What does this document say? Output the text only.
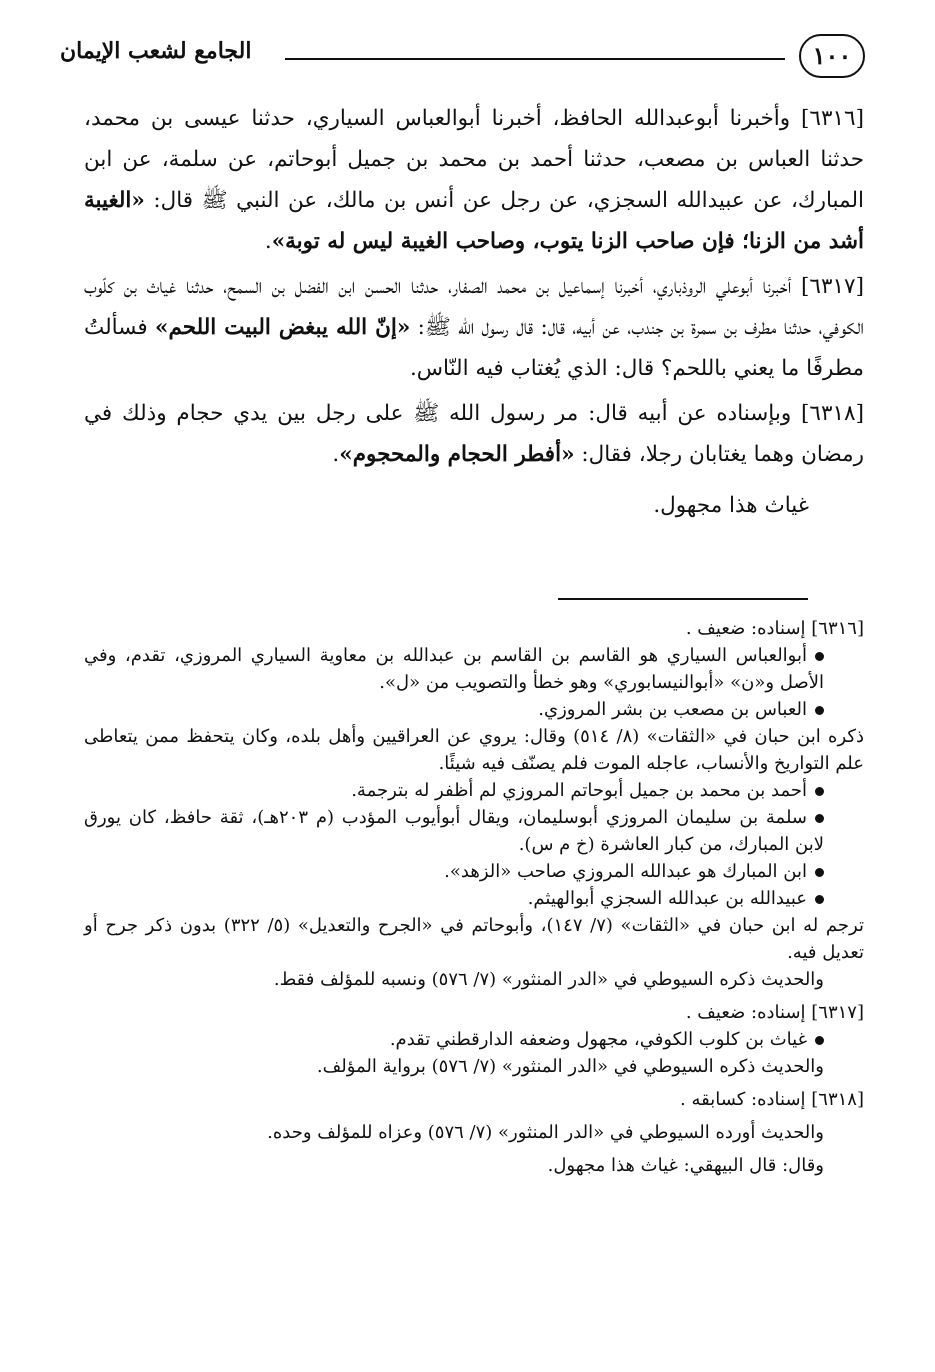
١٠٠
الجامع لشعب الإيمان

[٦٣١٦] وأخبرنا أبوعبدالله الحافظ، أخبرنا أبوالعباس السياري، حدثنا عيسى بن محمد، حدثنا العباس بن مصعب، حدثنا أحمد بن محمد بن جميل أبوحاتم، عن سلمة، عن ابن المبارك، عن عبيدالله السجزي، عن رجل عن أنس بن مالك، عن النبي ﷺ قال: «الغيبة أشد من الزنا؛ فإن صاحب الزنا يتوب، وصاحب الغيبة ليس له توبة».

[٦٣١٧] أخبرنا أبوعلي الروذباري، أخبرنا إسماعيل بن محمد الصفار، حدثنا الحسن ابن الفضل بن السمح، حدثنا غياث بن كلّوب الكوفي، حدثنا مطرف بن سمرة بن جندب، عن أبيه، قال: قال رسول الله ﷺ: «إنّ الله يبغض البيت اللحم» فسألتُ مطرفًا ما يعني باللحم؟ قال: الذي يُغتاب فيه النّاس.

[٦٣١٨] وبإسناده عن أبيه قال: مر رسول الله ﷺ على رجل بين يدي حجام وذلك في رمضان وهما يغتابان رجلا، فقال: «أفطر الحجام والمحجوم».

غياث هذا مجهول.

[٦٣١٦] إسناده: ضعيف .

أبوالعباس السياري هو القاسم بن القاسم بن عبدالله بن معاوية السياري المروزي، تقدم، وفي الأصل و«ن» «أبوالنيسابوري» وهو خطأ والتصويب من «ل».

العباس بن مصعب بن بشر المروزي.

ذكره ابن حبان في «الثقات» (٨/ ٥١٤) وقال: يروي عن العراقيين وأهل بلده، وكان يتحفظ ممن يتعاطى علم التواريخ والأنساب، عاجله الموت فلم يصنّف فيه شيئًا.

أحمد بن محمد بن جميل أبوحاتم المروزي لم أظفر له بترجمة.

سلمة بن سليمان المروزي أبوسليمان، ويقال أبوأيوب المؤدب (م ٢٠٣هـ)، ثقة حافظ، كان يورق لابن المبارك، من كبار العاشرة (خ م س).

ابن المبارك هو عبدالله المروزي صاحب «الزهد».

عبيدالله بن عبدالله السجزي أبوالهيثم.

ترجم له ابن حبان في «الثقات» (٧/ ١٤٧)، وأبوحاتم في «الجرح والتعديل» (٥/ ٣٢٢) بدون ذكر جرح أو تعديل فيه.

والحديث ذكره السيوطي في «الدر المنثور» (٧/ ٥٧٦) ونسبه للمؤلف فقط.

[٦٣١٧] إسناده: ضعيف .

غياث بن كلوب الكوفي، مجهول وضعفه الدارقطني تقدم.

والحديث ذكره السيوطي في «الدر المنثور» (٧/ ٥٧٦) برواية المؤلف.

[٦٣١٨] إسناده: كسابقه .

والحديث أورده السيوطي في «الدر المنثور» (٧/ ٥٧٦) وعزاه للمؤلف وحده.

وقال: قال البيهقي: غياث هذا مجهول.
